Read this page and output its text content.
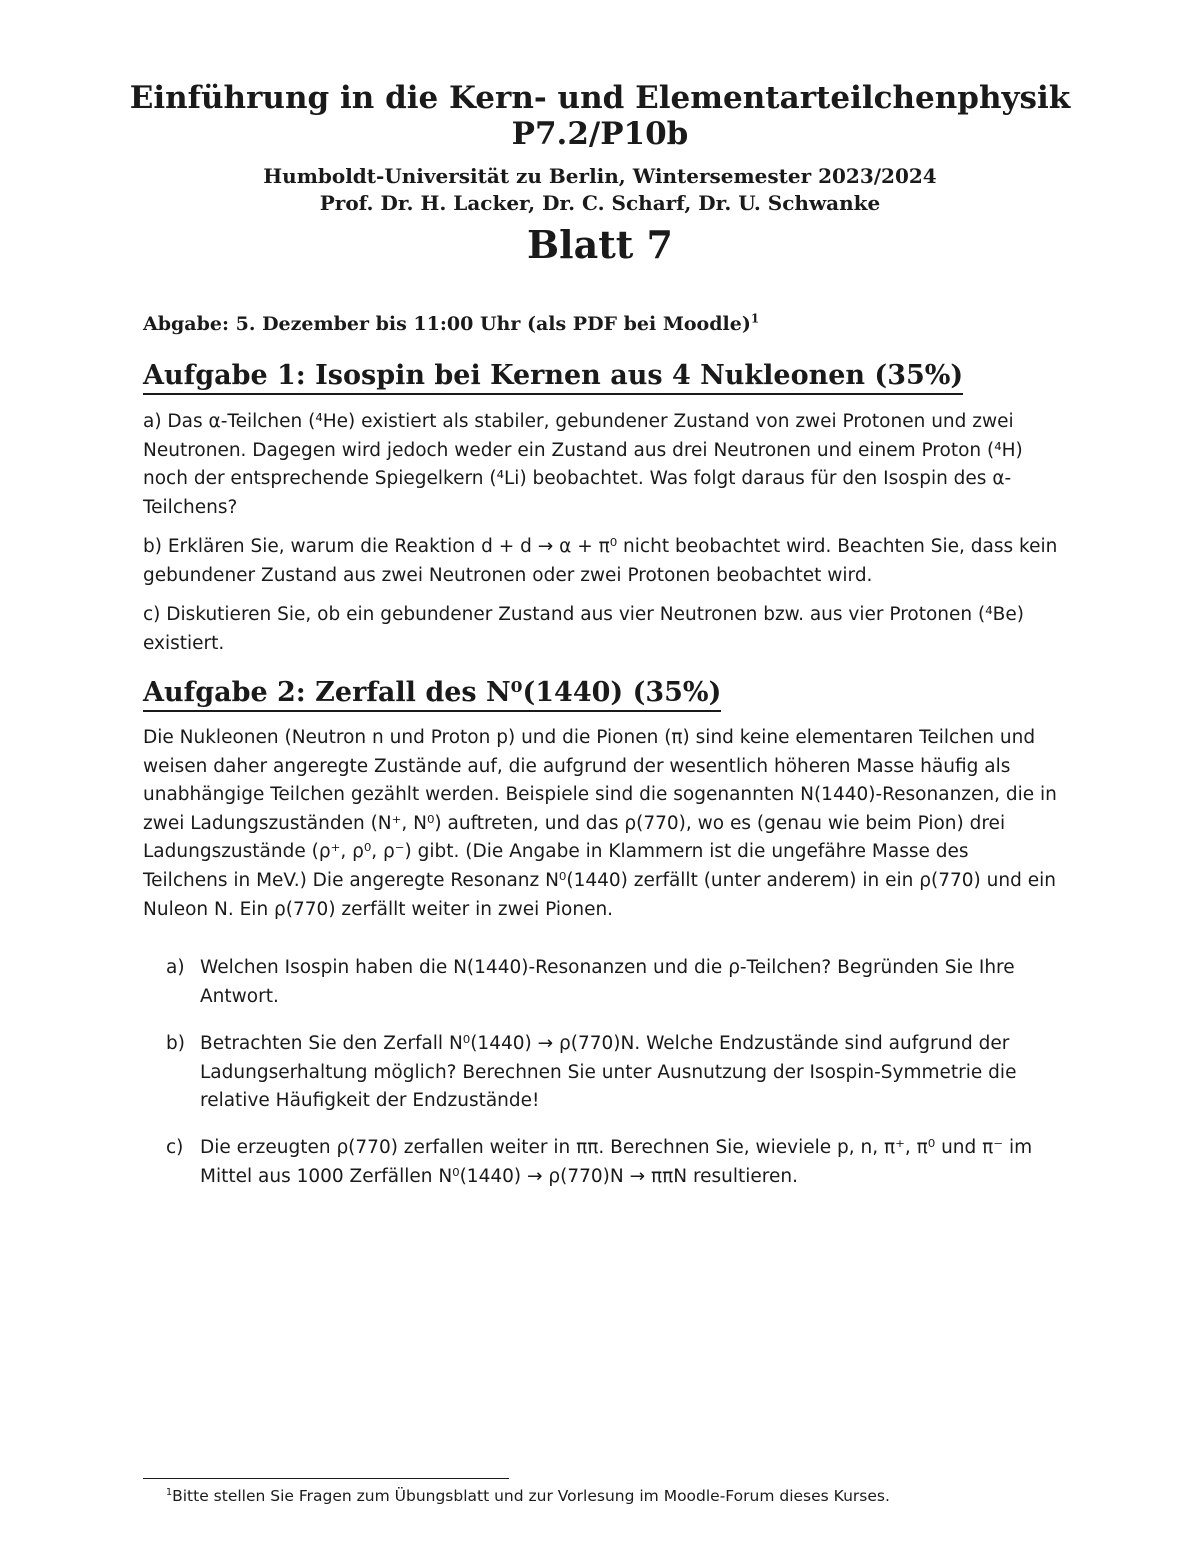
Einführung in die Kern- und Elementarteilchenphysik
P7.2/P10b
Humboldt-Universität zu Berlin, Wintersemester 2023/2024
Prof. Dr. H. Lacker, Dr. C. Scharf, Dr. U. Schwanke
Blatt 7
Abgabe: 5. Dezember bis 11:00 Uhr (als PDF bei Moodle)$^1$
Aufgabe 1: Isospin bei Kernen aus 4 Nukleonen (35%)
a) Das α-Teilchen (⁴He) existiert als stabiler, gebundener Zustand von zwei Protonen und zwei Neutronen. Dagegen wird jedoch weder ein Zustand aus drei Neutronen und einem Proton (⁴H) noch der entsprechende Spiegelkern (⁴Li) beobachtet. Was folgt daraus für den Isospin des α-Teilchens?
b) Erklären Sie, warum die Reaktion d + d → α + π⁰ nicht beobachtet wird. Beachten Sie, dass kein gebundener Zustand aus zwei Neutronen oder zwei Protonen beobachtet wird.
c) Diskutieren Sie, ob ein gebundener Zustand aus vier Neutronen bzw. aus vier Protonen (⁴Be) existiert.
Aufgabe 2: Zerfall des N⁰(1440) (35%)
Die Nukleonen (Neutron n und Proton p) und die Pionen (π) sind keine elementaren Teilchen und weisen daher angeregte Zustände auf, die aufgrund der wesentlich höheren Masse häufig als unabhängige Teilchen gezählt werden. Beispiele sind die sogenannten N(1440)-Resonanzen, die in zwei Ladungszuständen (N⁺, N⁰) auftreten, und das ρ(770), wo es (genau wie beim Pion) drei Ladungszustände (ρ⁺, ρ⁰, ρ⁻) gibt. (Die Angabe in Klammern ist die ungefähre Masse des Teilchens in MeV.) Die angeregte Resonanz N⁰(1440) zerfällt (unter anderem) in ein ρ(770) und ein Nuleon N. Ein ρ(770) zerfällt weiter in zwei Pionen.
a) Welchen Isospin haben die N(1440)-Resonanzen und die ρ-Teilchen? Begründen Sie Ihre Antwort.
b) Betrachten Sie den Zerfall N⁰(1440) → ρ(770)N. Welche Endzustände sind aufgrund der Ladungserhaltung möglich? Berechnen Sie unter Ausnutzung der Isospin-Symmetrie die relative Häufigkeit der Endzustände!
c) Die erzeugten ρ(770) zerfallen weiter in ππ. Berechnen Sie, wieviele p, n, π⁺, π⁰ und π⁻ im Mittel aus 1000 Zerfällen N⁰(1440) → ρ(770)N → ππN resultieren.
$^1$Bitte stellen Sie Fragen zum Übungsblatt und zur Vorlesung im Moodle-Forum dieses Kurses.
